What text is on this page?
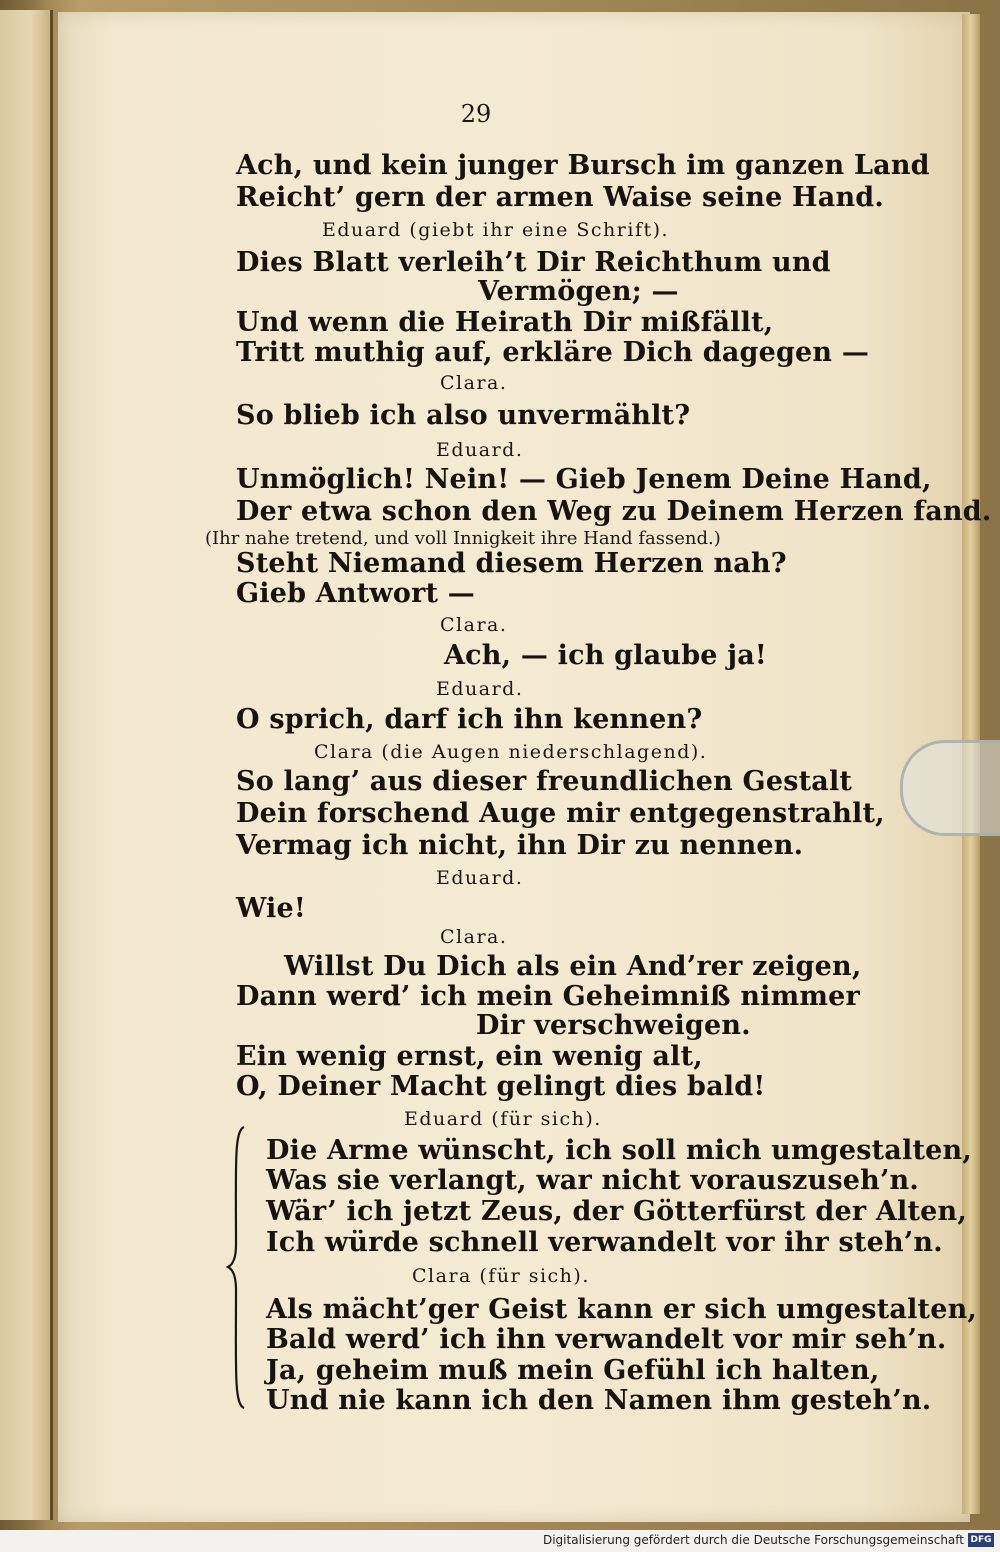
29
Ach, und kein junger Bursch im ganzen Land
Reicht’ gern der armen Waise seine Hand.
Eduard (giebt ihr eine Schrift).
Dies Blatt verleih’t Dir Reichthum und
Vermögen; —
Und wenn die Heirath Dir mißfällt,
Tritt muthig auf, erkläre Dich dagegen —
Clara.
So blieb ich also unvermählt?
Eduard.
Unmöglich! Nein! — Gieb Jenem Deine Hand,
Der etwa schon den Weg zu Deinem Herzen fand.
(Ihr nahe tretend, und voll Innigkeit ihre Hand fassend.)
Steht Niemand diesem Herzen nah?
Gieb Antwort —
Clara.
Ach, — ich glaube ja!
Eduard.
O sprich, darf ich ihn kennen?
Clara (die Augen niederschlagend).
So lang’ aus dieser freundlichen Gestalt
Dein forschend Auge mir entgegenstrahlt,
Vermag ich nicht, ihn Dir zu nennen.
Eduard.
Wie!
Clara.
Willst Du Dich als ein And’rer zeigen,
Dann werd’ ich mein Geheimniß nimmer
Dir verschweigen.
Ein wenig ernst, ein wenig alt,
O, Deiner Macht gelingt dies bald!
Eduard (für sich).
Die Arme wünscht, ich soll mich umgestalten,
Was sie verlangt, war nicht vorauszuseh’n.
Wär’ ich jetzt Zeus, der Götterfürst der Alten,
Ich würde schnell verwandelt vor ihr steh’n.
Clara (für sich).
Als mächt’ger Geist kann er sich umgestalten,
Bald werd’ ich ihn verwandelt vor mir seh’n.
Ja, geheim muß mein Gefühl ich halten,
Und nie kann ich den Namen ihm gesteh’n.
Digitalisierung gefördert durch die Deutsche Forschungsgemeinschaft DFG
